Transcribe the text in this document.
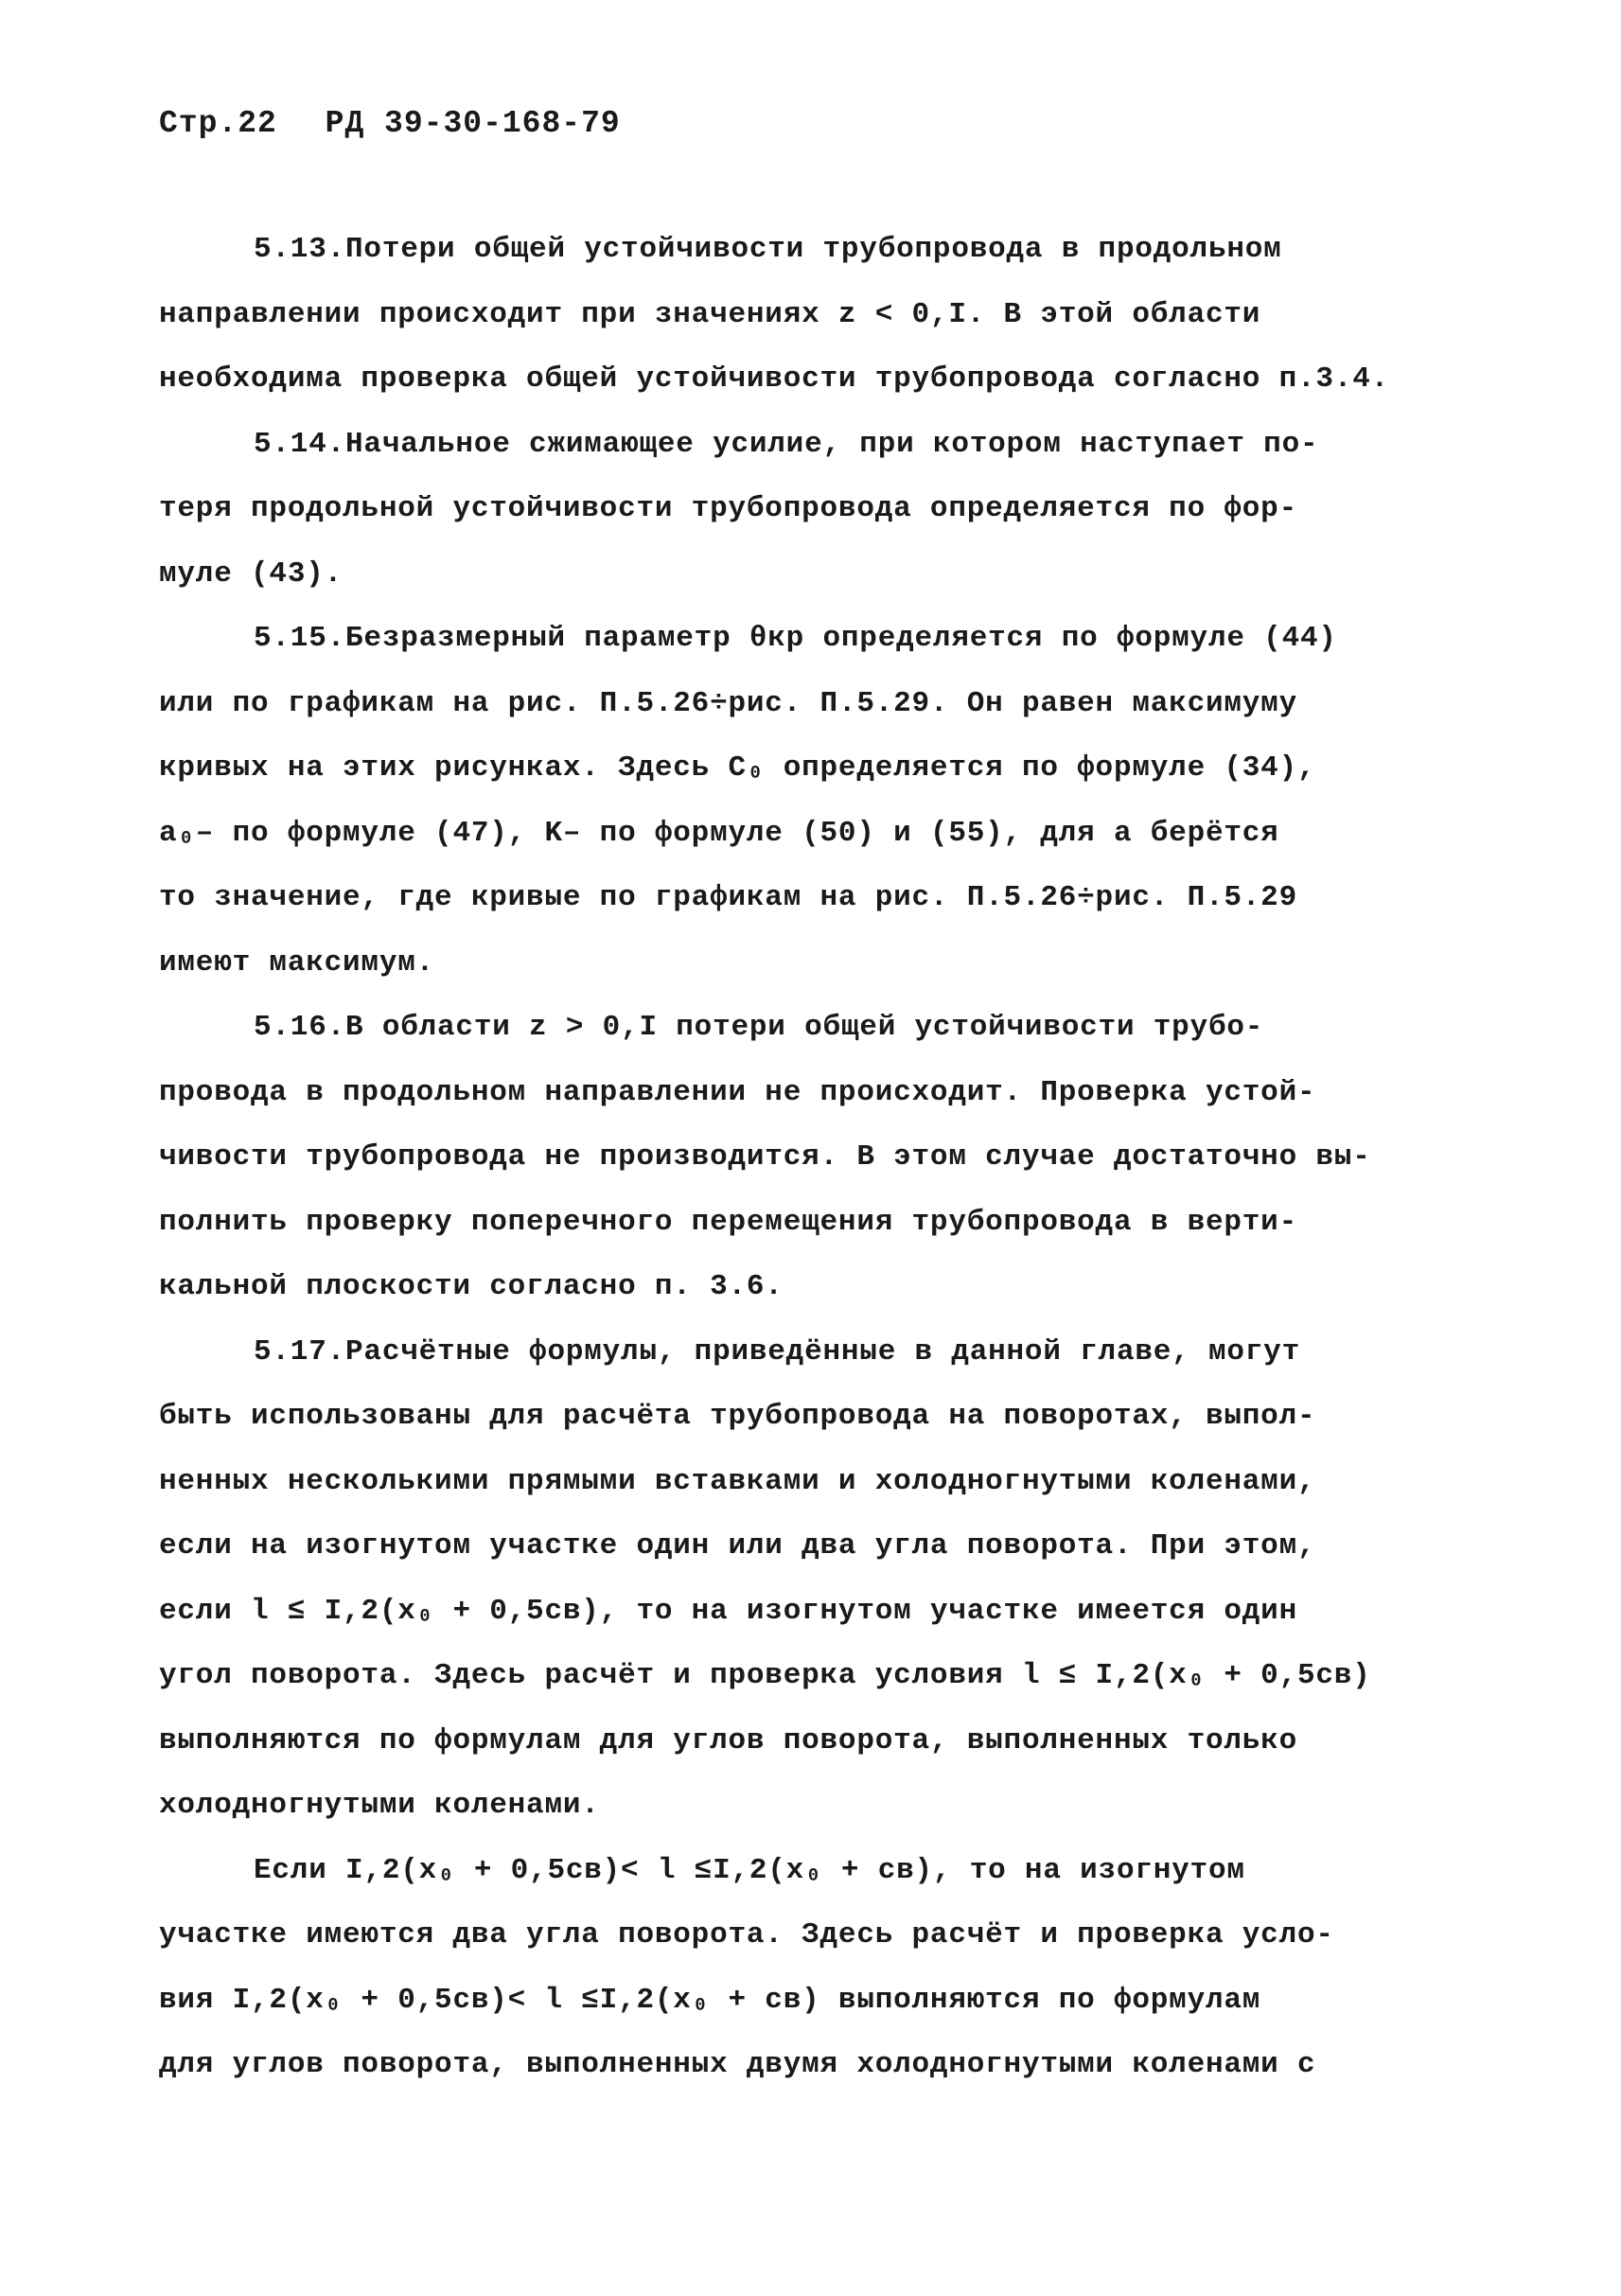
Стр.22 РД 39-30-168-79
5.13.Потери общей устойчивости трубопровода в продольном
направлении происходит при значениях z < 0,I. В этой области
необходима проверка общей устойчивости трубопровода согласно п.3.4.
5.14.Начальное сжимающее усилие, при котором наступает по-
теря продольной устойчивости трубопровода определяется по фор-
муле (43).
5.15.Безразмерный параметр θкр определяется по формуле (44)
или по графикам на рис. П.5.26÷рис. П.5.29. Он равен максимуму
кривых на этих рисунках. Здесь С₀ определяется по формуле (34),
a₀– по формуле (47), K– по формуле (50) и (55), для a берётся
то значение, где кривые по графикам на рис. П.5.26÷рис. П.5.29
имеют максимум.
5.16.В области z > 0,I потери общей устойчивости трубо-
провода в продольном направлении не происходит. Проверка устой-
чивости трубопровода не производится. В этом случае достаточно вы-
полнить проверку поперечного перемещения трубопровода в верти-
кальной плоскости согласно п. 3.6.
5.17.Расчётные формулы, приведённые в данной главе, могут
быть использованы для расчёта трубопровода на поворотах, выпол-
ненных несколькими прямыми вставками и холодногнутыми коленами,
если на изогнутом участке один или два угла поворота. При этом,
если l ≤ I,2(x₀ + 0,5cв), то на изогнутом участке имеется один
угол поворота. Здесь расчёт и проверка условия l ≤ I,2(x₀ + 0,5cв)
выполняются по формулам для углов поворота, выполненных только
холодногнутыми коленами.
Если I,2(x₀ + 0,5cв)< l ≤I,2(x₀ + cв), то на изогнутом
участке имеются два угла поворота. Здесь расчёт и проверка усло-
вия I,2(x₀ + 0,5cв)< l ≤I,2(x₀ + cв) выполняются по формулам
для углов поворота, выполненных двумя холодногнутыми коленами с
